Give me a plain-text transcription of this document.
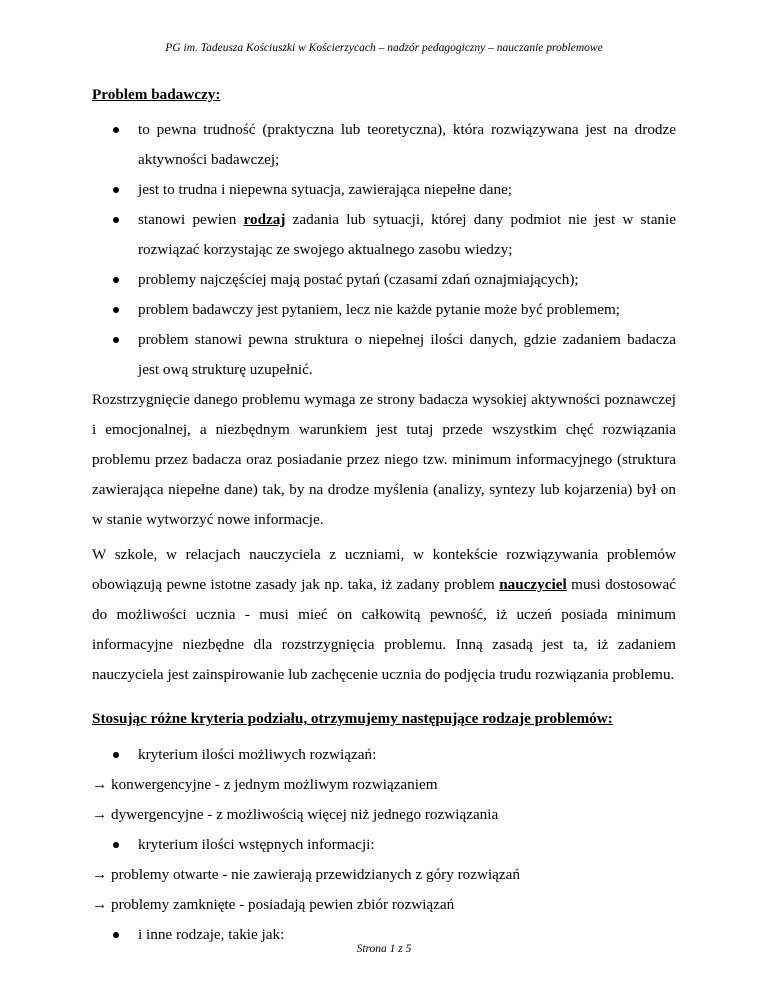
PG im. Tadeusza Kościuszki w Kościerzycach – nadzór pedagogiczny – nauczanie problemowe
Problem badawczy:
to pewna trudność (praktyczna lub teoretyczna), która rozwiązywana jest na drodze aktywności badawczej;
jest to trudna i niepewna sytuacja, zawierająca niepełne dane;
stanowi pewien rodzaj zadania lub sytuacji, której dany podmiot nie jest w stanie rozwiązać korzystając ze swojego aktualnego zasobu wiedzy;
problemy najczęściej mają postać pytań (czasami zdań oznajmiających);
problem badawczy jest pytaniem, lecz nie każde pytanie może być problemem;
problem stanowi pewna struktura o niepełnej ilości danych, gdzie zadaniem badacza jest ową strukturę uzupełnić.

Rozstrzygnięcie danego problemu wymaga ze strony badacza wysokiej aktywności poznawczej i emocjonalnej, a niezbędnym warunkiem jest tutaj przede wszystkim chęć rozwiązania problemu przez badacza oraz posiadanie przez niego tzw. minimum informacyjnego (struktura zawierająca niepełne dane) tak, by na drodze myślenia (analizy, syntezy lub kojarzenia) był on w stanie wytworzyć nowe informacje.

W szkole, w relacjach nauczyciela z uczniami, w kontekście rozwiązywania problemów obowiązują pewne istotne zasady jak np. taka, iż zadany problem nauczyciel musi dostosować do możliwości ucznia - musi mieć on całkowitą pewność, iż uczeń posiada minimum informacyjne niezbędne dla rozstrzygnięcia problemu. Inną zasadą jest ta, iż zadaniem nauczyciela jest zainspirowanie lub zachęcenie ucznia do podjęcia trudu rozwiązania problemu.

Stosując różne kryteria podziału, otrzymujemy następujące rodzaje problemów:
kryterium ilości możliwych rozwiązań:

→ konwergencyjne - z jednym możliwym rozwiązaniem

→ dywergencyjne - z możliwością więcej niż jednego rozwiązania

kryterium ilości wstępnych informacji:

→ problemy otwarte - nie zawierają przewidzianych z góry rozwiązań

→ problemy zamknięte - posiadają pewien zbiór rozwiązań

i inne rodzaje, takie jak:
Strona 1 z 5
